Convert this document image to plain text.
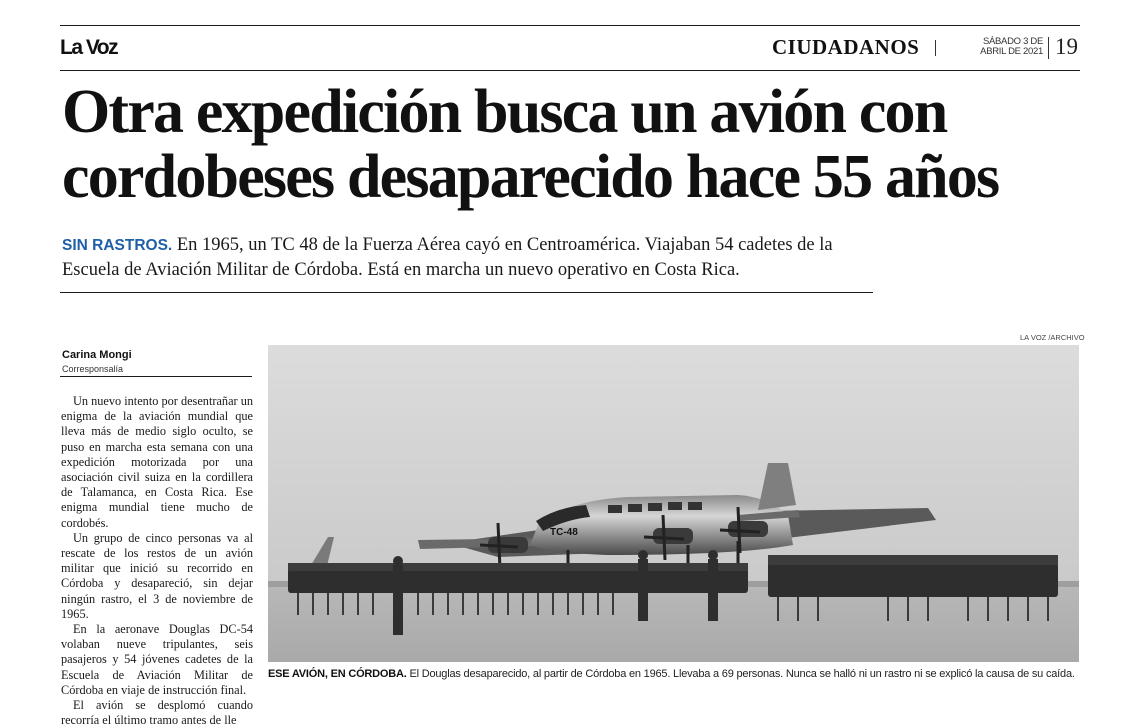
La Voz	CIUDADANOS	SÁBADO 3 DE
ABRIL DE 2021 19
Otra expedición busca un avión con
cordobeses desaparecido hace 55 años

SIN RASTROS. En 1965, un TC 48 de la Fuerza Aérea cayó en Centroamérica. Viajaban 54 cadetes de la Escuela de Aviación Militar de Córdoba. Está en marcha un nuevo operativo en Costa Rica.

Carina Mongi
Corresponsalía

Un nuevo intento por desentrañar un enigma de la aviación mundial que lleva más de medio siglo oculto, se puso en marcha esta semana con una expedición motorizada por una asociación civil suiza en la cordillera de Talamanca, en Costa Rica. Ese enigma mundial tiene mucho de cordobés.

Un grupo de cinco personas va al rescate de los restos de un avión militar que inició su recorrido en Córdoba y desapareció, sin dejar ningún rastro, el 3 de noviembre de 1965.

En la aeronave Douglas DC-54 volaban nueve tripulantes, seis pasajeros y 54 jóvenes cadetes de la Escuela de Aviación Militar de Córdoba en viaje de instrucción final.

El avión se desplomó cuando recorría el último tramo antes de lle

LA VOZ /ARCHIVO
TC-48
ESE AVIÓN, EN CÓRDOBA. El Douglas desaparecido, al partir de Córdoba en 1965. Llevaba a 69 personas. Nunca se halló ni un rastro ni se explicó la causa de su caída.
